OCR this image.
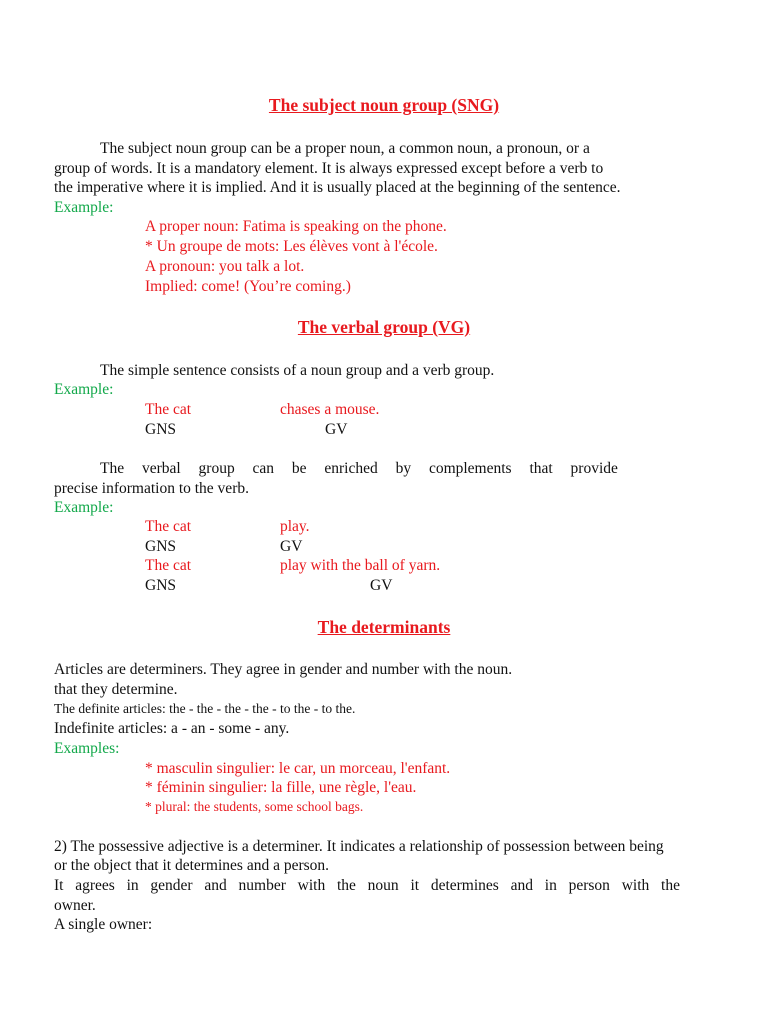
The subject noun group (SNG)
The subject noun group can be a proper noun, a common noun, a pronoun, or a
group of words. It is a mandatory element. It is always expressed except before a verb to
the imperative where it is implied. And it is usually placed at the beginning of the sentence.
Example:
A proper noun: Fatima is speaking on the phone.
* Un groupe de mots: Les élèves vont à l'école.
A pronoun: you talk a lot.
Implied: come! (You’re coming.)
The verbal group (VG)
The simple sentence consists of a noun group and a verb group.
Example:
The cat	chases a mouse.
GNS	GV
The verbal group can be enriched by complements that provide
precise information to the verb.
Example:
The cat	play.
GNS	GV
The cat	play with the ball of yarn.
GNS	GV
The determinants
Articles are determiners. They agree in gender and number with the noun.
that they determine.
The definite articles: the - the - the - the - to the - to the.
Indefinite articles: a - an - some - any.
Examples:
* masculin singulier: le car, un morceau, l'enfant.
* féminin singulier: la fille, une règle, l'eau.
* plural: the students, some school bags.
2) The possessive adjective is a determiner. It indicates a relationship of possession between being
or the object that it determines and a person.
It agrees in gender and number with the noun it determines and in person with the
owner.
A single owner:
